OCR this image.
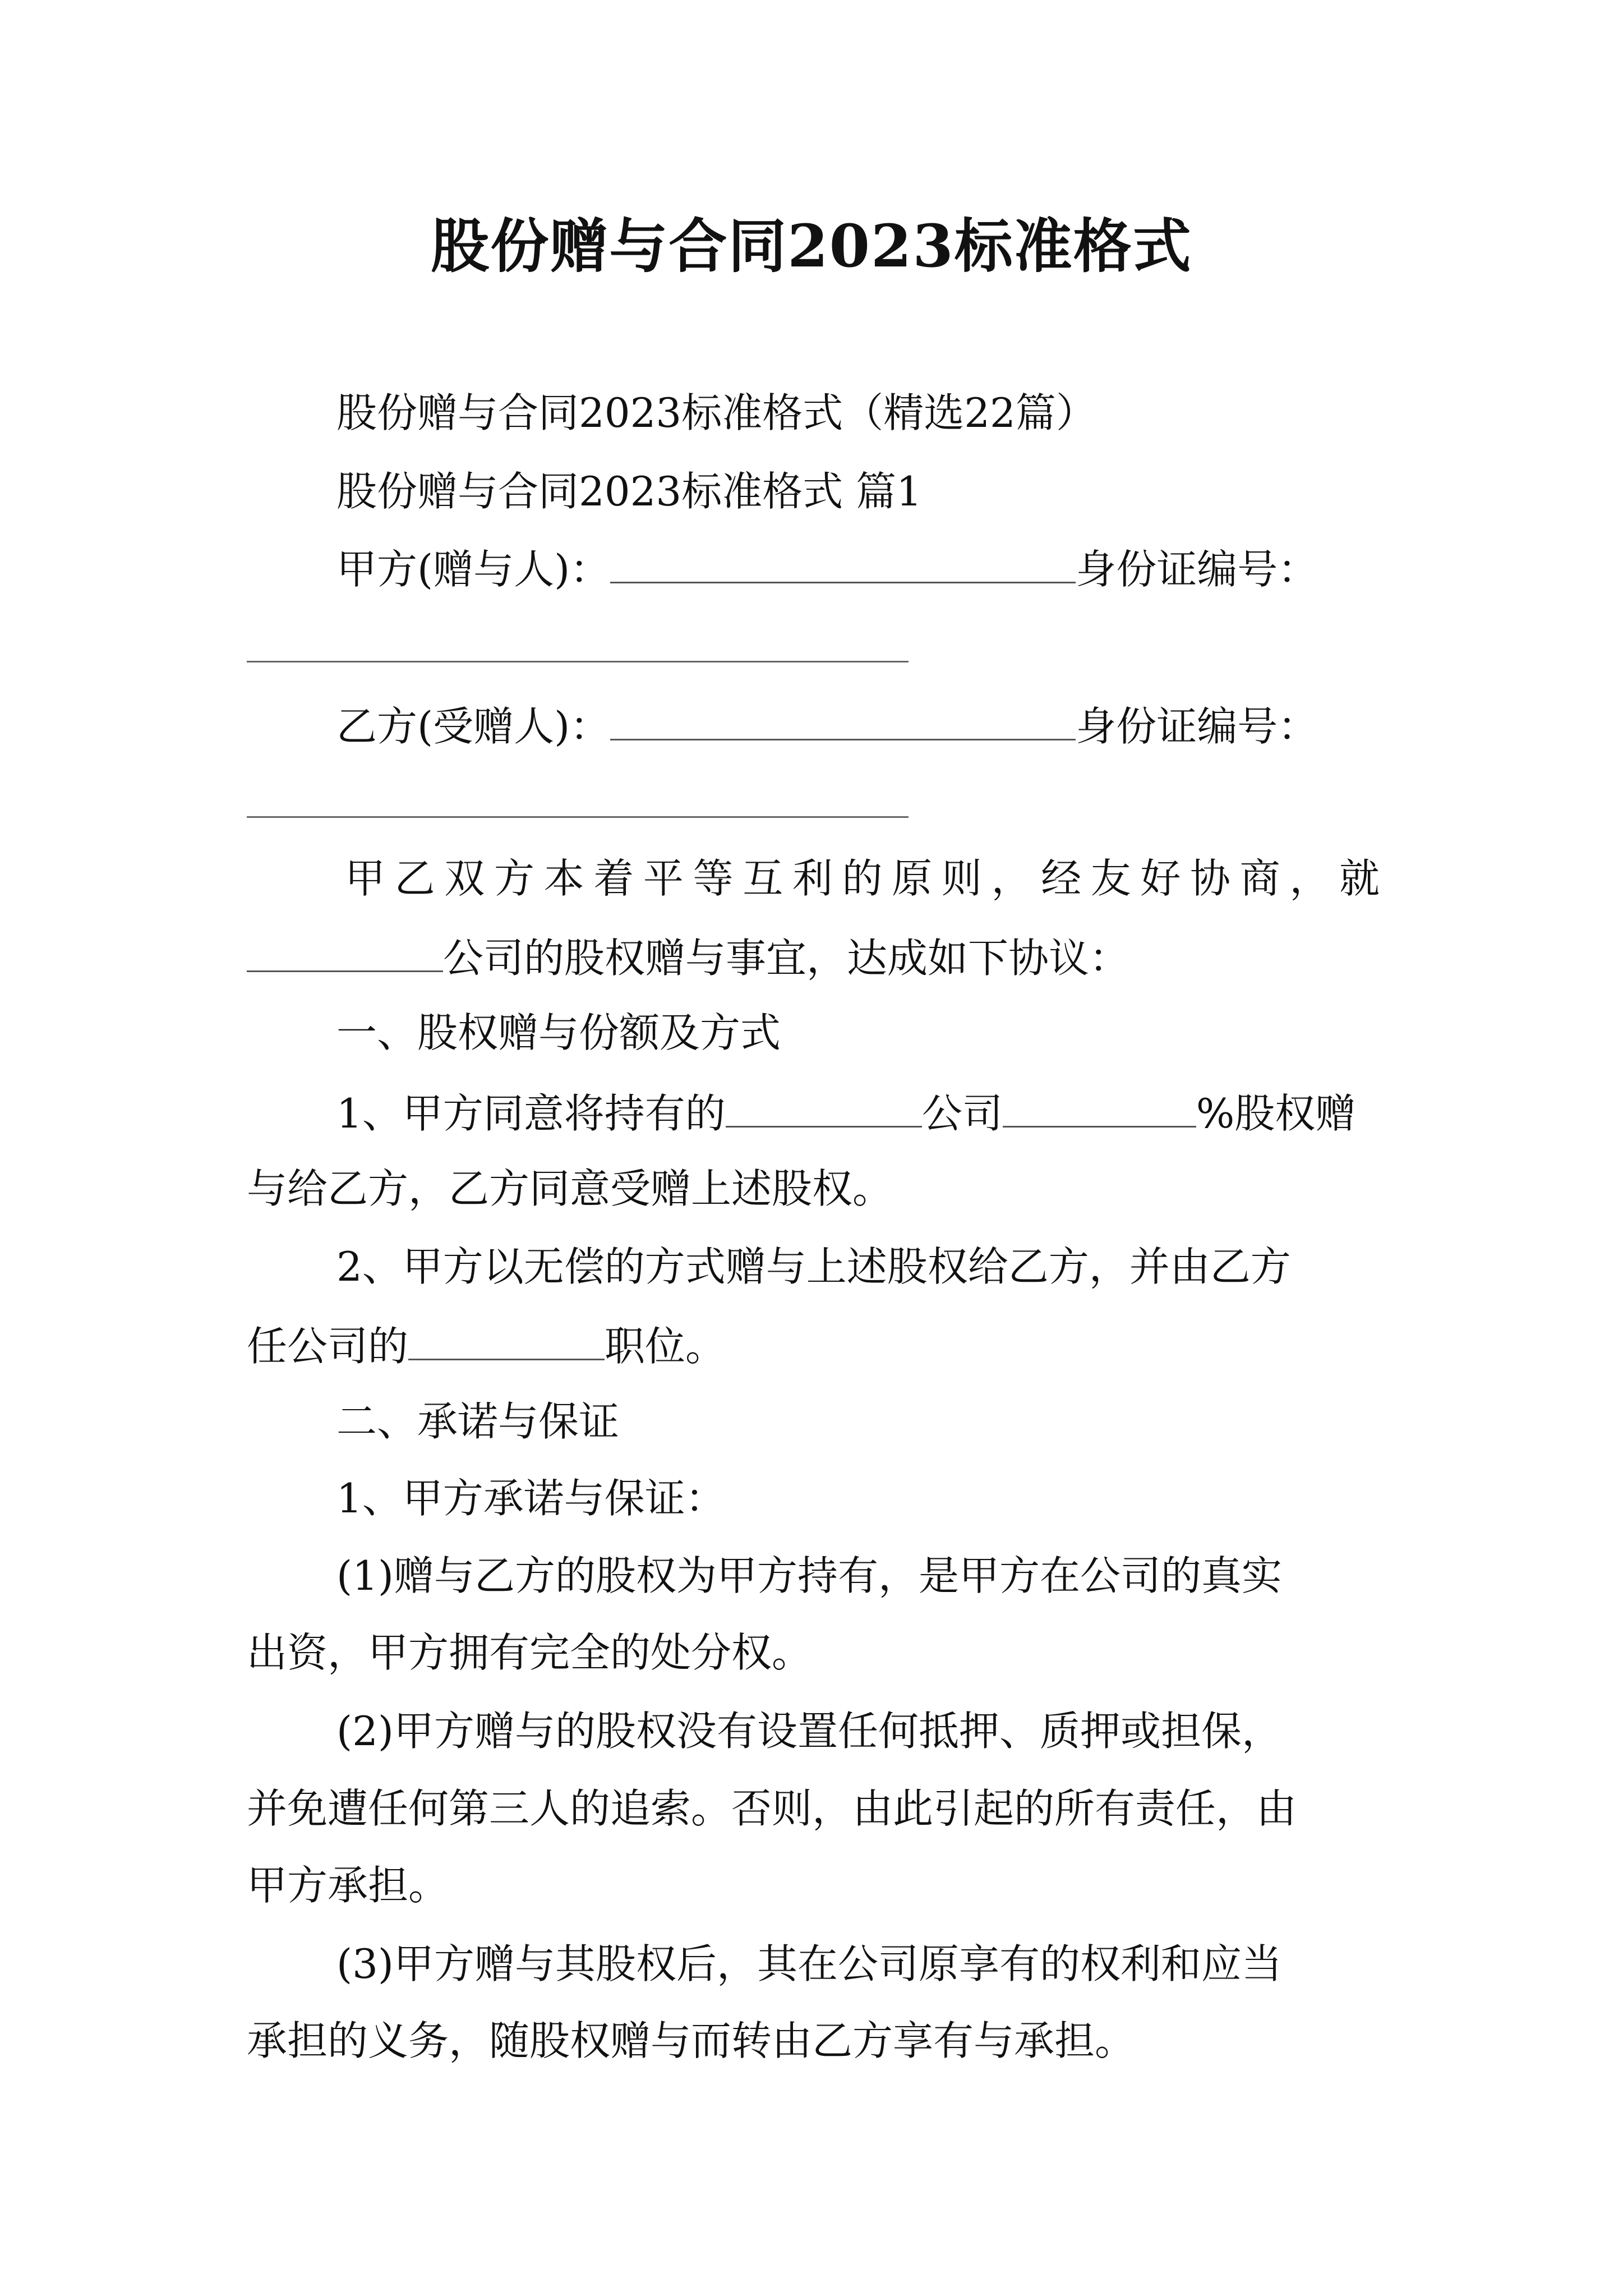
股份赠与合同2023标准格式

股份赠与合同2023标准格式（精选22篇）

股份赠与合同2023标准格式 篇1

甲方(赠与人)：	身份证编号：
乙方(受赠人)：	身份证编号：

甲乙双方本着平等互利的原则，经友好协商，就

公司的股权赠与事宜，达成如下协议：

一、股权赠与份额及方式

1、甲方同意将持有的	公司	%股权赠

与给乙方，乙方同意受赠上述股权。

2、甲方以无偿的方式赠与上述股权给乙方，并由乙方

任公司的	职位。

二、承诺与保证

1、甲方承诺与保证：

(1)赠与乙方的股权为甲方持有，是甲方在公司的真实

出资，甲方拥有完全的处分权。

(2)甲方赠与的股权没有设置任何抵押、质押或担保，

并免遭任何第三人的追索。否则，由此引起的所有责任，由

甲方承担。

(3)甲方赠与其股权后，其在公司原享有的权利和应当

承担的义务，随股权赠与而转由乙方享有与承担。
